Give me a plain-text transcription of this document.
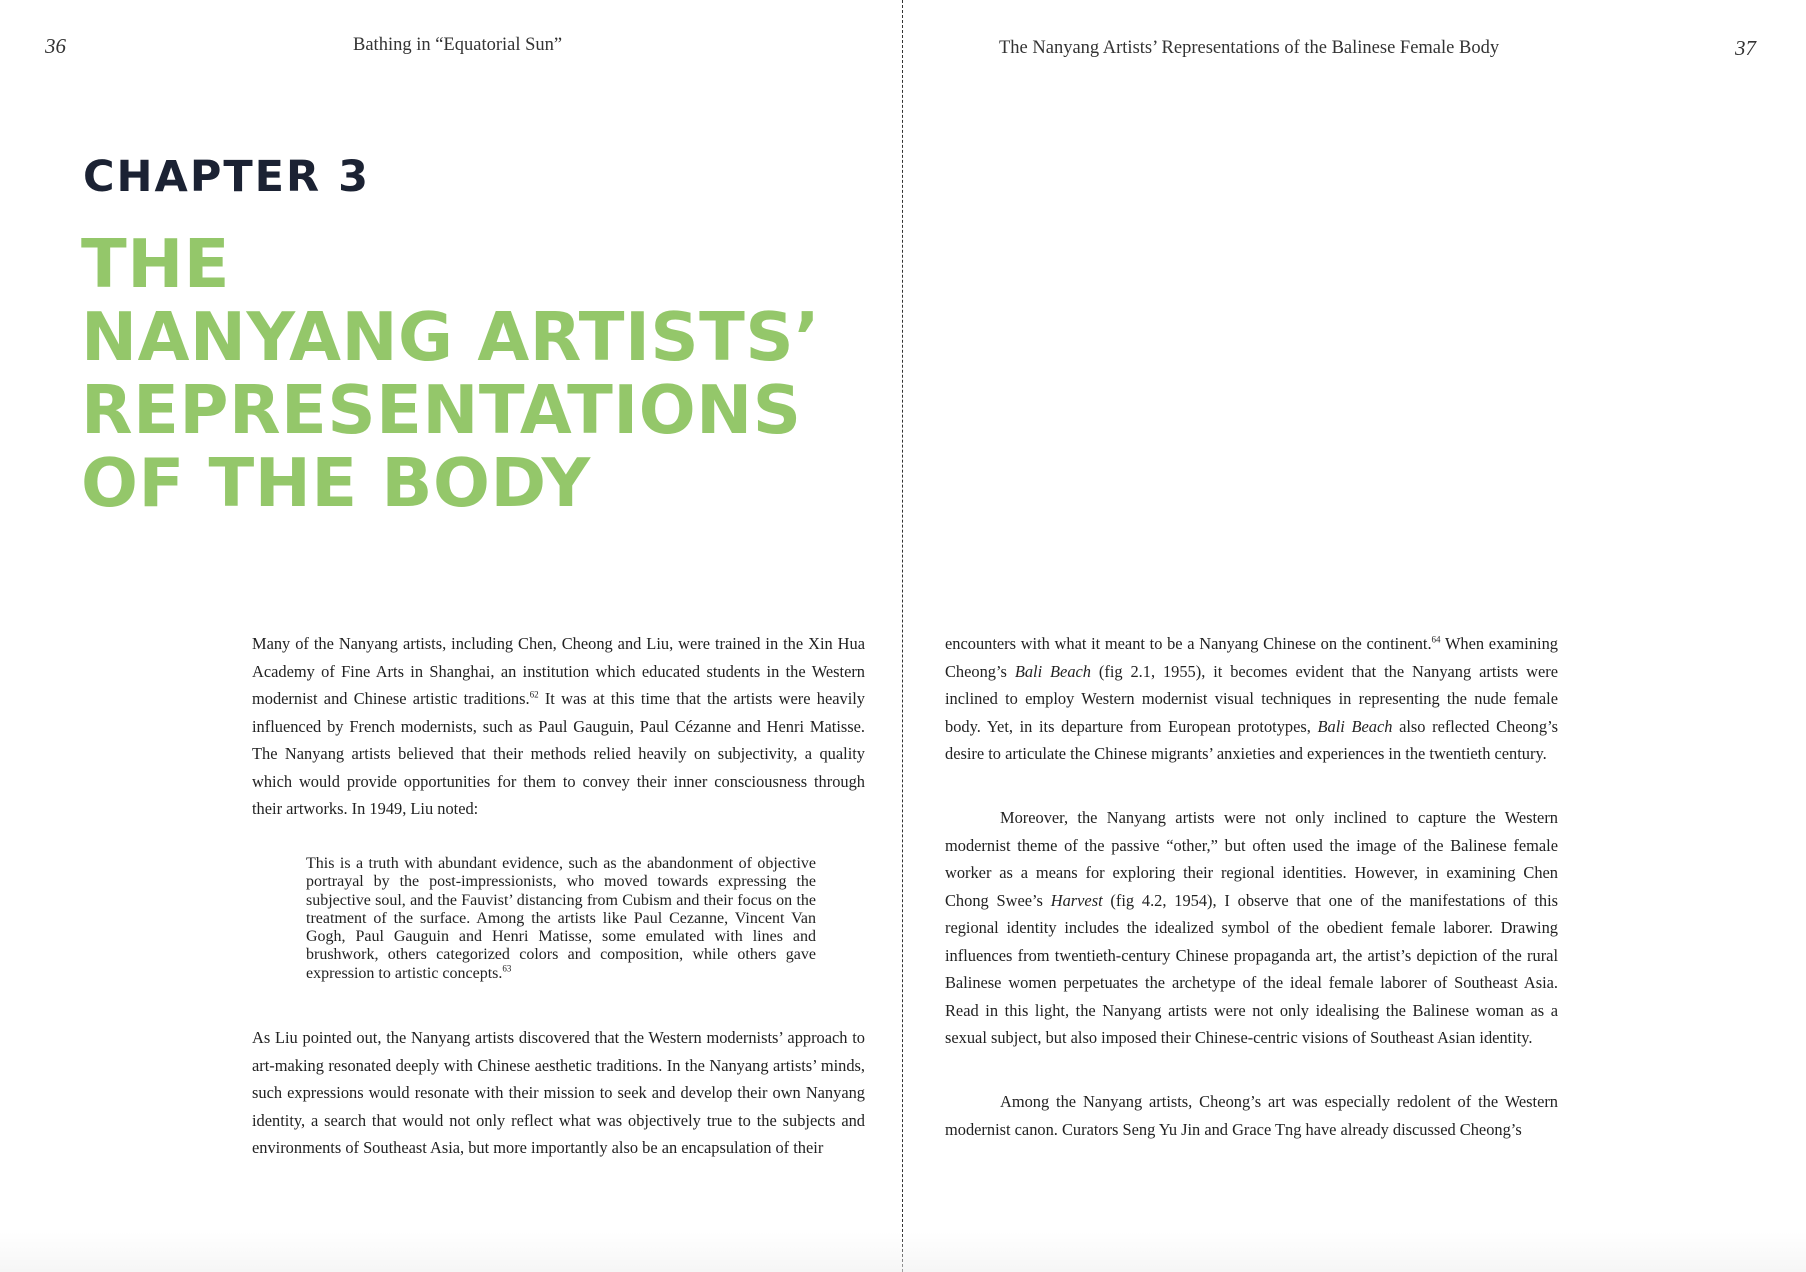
36	Bathing in “Equatorial Sun”
CHAPTER 3
THE
NANYANG ARTISTS’
REPRESENTATIONS
OF THE BODY

Many of the Nanyang artists, including Chen, Cheong and Liu, were trained in the Xin Hua Academy of Fine Arts in Shanghai, an institution which educated students in the Western modernist and Chinese artistic traditions.$^{62}$ It was at this time that the artists were heavily influenced by French modernists, such as Paul Gauguin, Paul Cézanne and Henri Matisse. The Nanyang artists believed that their methods relied heavily on subjectivity, a quality which would provide opportunities for them to convey their inner consciousness through their artworks. In 1949, Liu noted:

This is a truth with abundant evidence, such as the abandonment of objective portrayal by the post-impressionists, who moved towards expressing the subjective soul, and the Fauvist’ distancing from Cubism and their focus on the treatment of the surface. Among the artists like Paul Cezanne, Vincent Van Gogh, Paul Gauguin and Henri Matisse, some emulated with lines and brushwork, others categorized colors and composition, while others gave expression to artistic concepts.$^{63}$

As Liu pointed out, the Nanyang artists discovered that the Western modernists’ approach to art-making resonated deeply with Chinese aesthetic traditions. In the Nanyang artists’ minds, such expressions would resonate with their mission to seek and develop their own Nanyang identity, a search that would not only reflect what was objectively true to the subjects and environments of Southeast Asia, but more importantly also be an encapsulation of their

The Nanyang Artists’ Representations of the Balinese Female Body	37

encounters with what it meant to be a Nanyang Chinese on the continent.$^{64}$ When examining Cheong’s Bali Beach (fig 2.1, 1955), it becomes evident that the Nanyang artists were inclined to employ Western modernist visual techniques in representing the nude female body. Yet, in its departure from European prototypes, Bali Beach also reflected Cheong’s desire to articulate the Chinese migrants’ anxieties and experiences in the twentieth century.

Moreover, the Nanyang artists were not only inclined to capture the Western modernist theme of the passive “other,” but often used the image of the Balinese female worker as a means for exploring their regional identities. However, in examining Chen Chong Swee’s Harvest (fig 4.2, 1954), I observe that one of the manifestations of this regional identity includes the idealized symbol of the obedient female laborer. Drawing influences from twentieth-century Chinese propaganda art, the artist’s depiction of the rural Balinese women perpetuates the archetype of the ideal female laborer of Southeast Asia. Read in this light, the Nanyang artists were not only idealising the Balinese woman as a sexual subject, but also imposed their Chinese-centric visions of Southeast Asian identity.

Among the Nanyang artists, Cheong’s art was especially redolent of the Western modernist canon. Curators Seng Yu Jin and Grace Tng have already discussed Cheong’s
